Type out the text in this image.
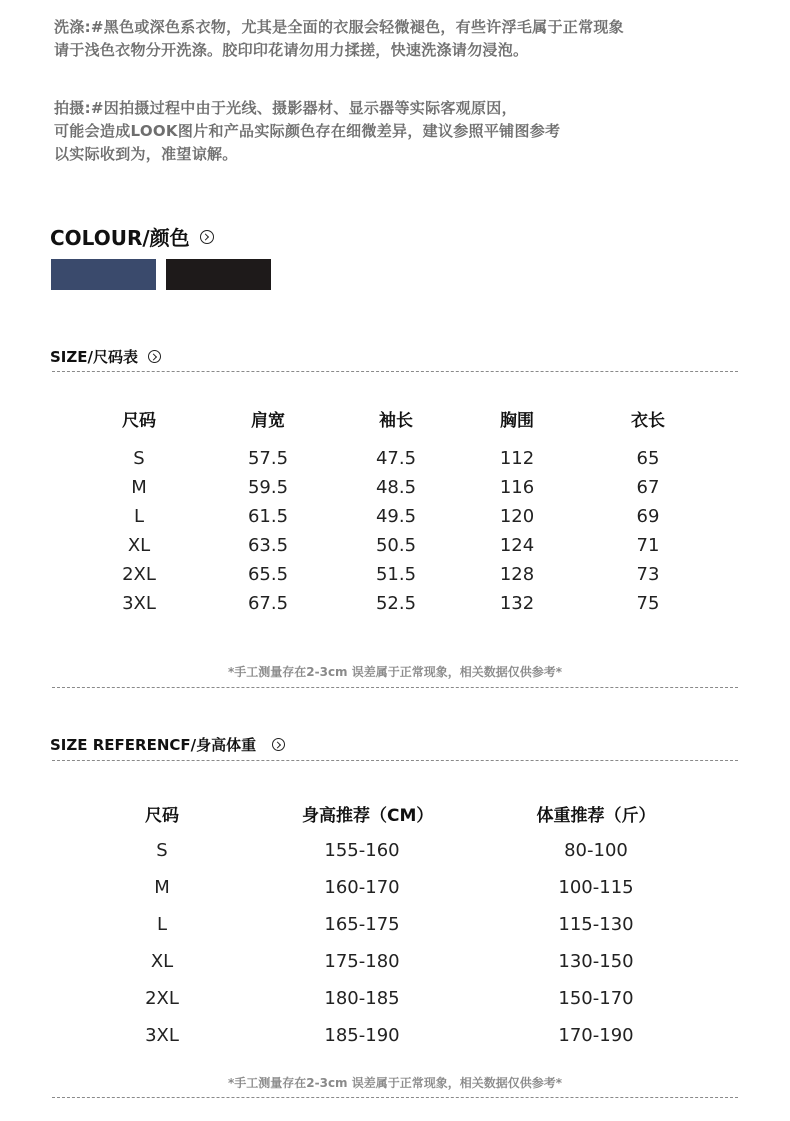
洗涤:#黑色或深色系衣物，尤其是全面的衣服会轻微褪色，有些许浮毛属于正常现象
请于浅色衣物分开洗涤。胶印印花请勿用力揉搓，快速洗涤请勿浸泡。
拍摄:#因拍摄过程中由于光线、摄影器材、显示器等实际客观原因，
可能会造成LOOK图片和产品实际颜色存在细微差异，建议参照平铺图参考
以实际收到为，准望谅解。
COLOUR/颜色
SIZE/尺码表
尺码	肩宽	袖长	胸围	衣长
S	57.5	47.5	112	65
M	59.5	48.5	116	67
L	61.5	49.5	120	69
XL	63.5	50.5	124	71
2XL	65.5	51.5	128	73
3XL	67.5	52.5	132	75
*手工测量存在2-3cm 误差属于正常现象，相关数据仅供参考*
SIZE REFERENCF/身高体重
尺码	身高推荐（CM）	体重推荐（斤）
S	155-160	80-100
M	160-170	100-115
L	165-175	115-130
XL	175-180	130-150
2XL	180-185	150-170
3XL	185-190	170-190
*手工测量存在2-3cm 误差属于正常现象，相关数据仅供参考*
